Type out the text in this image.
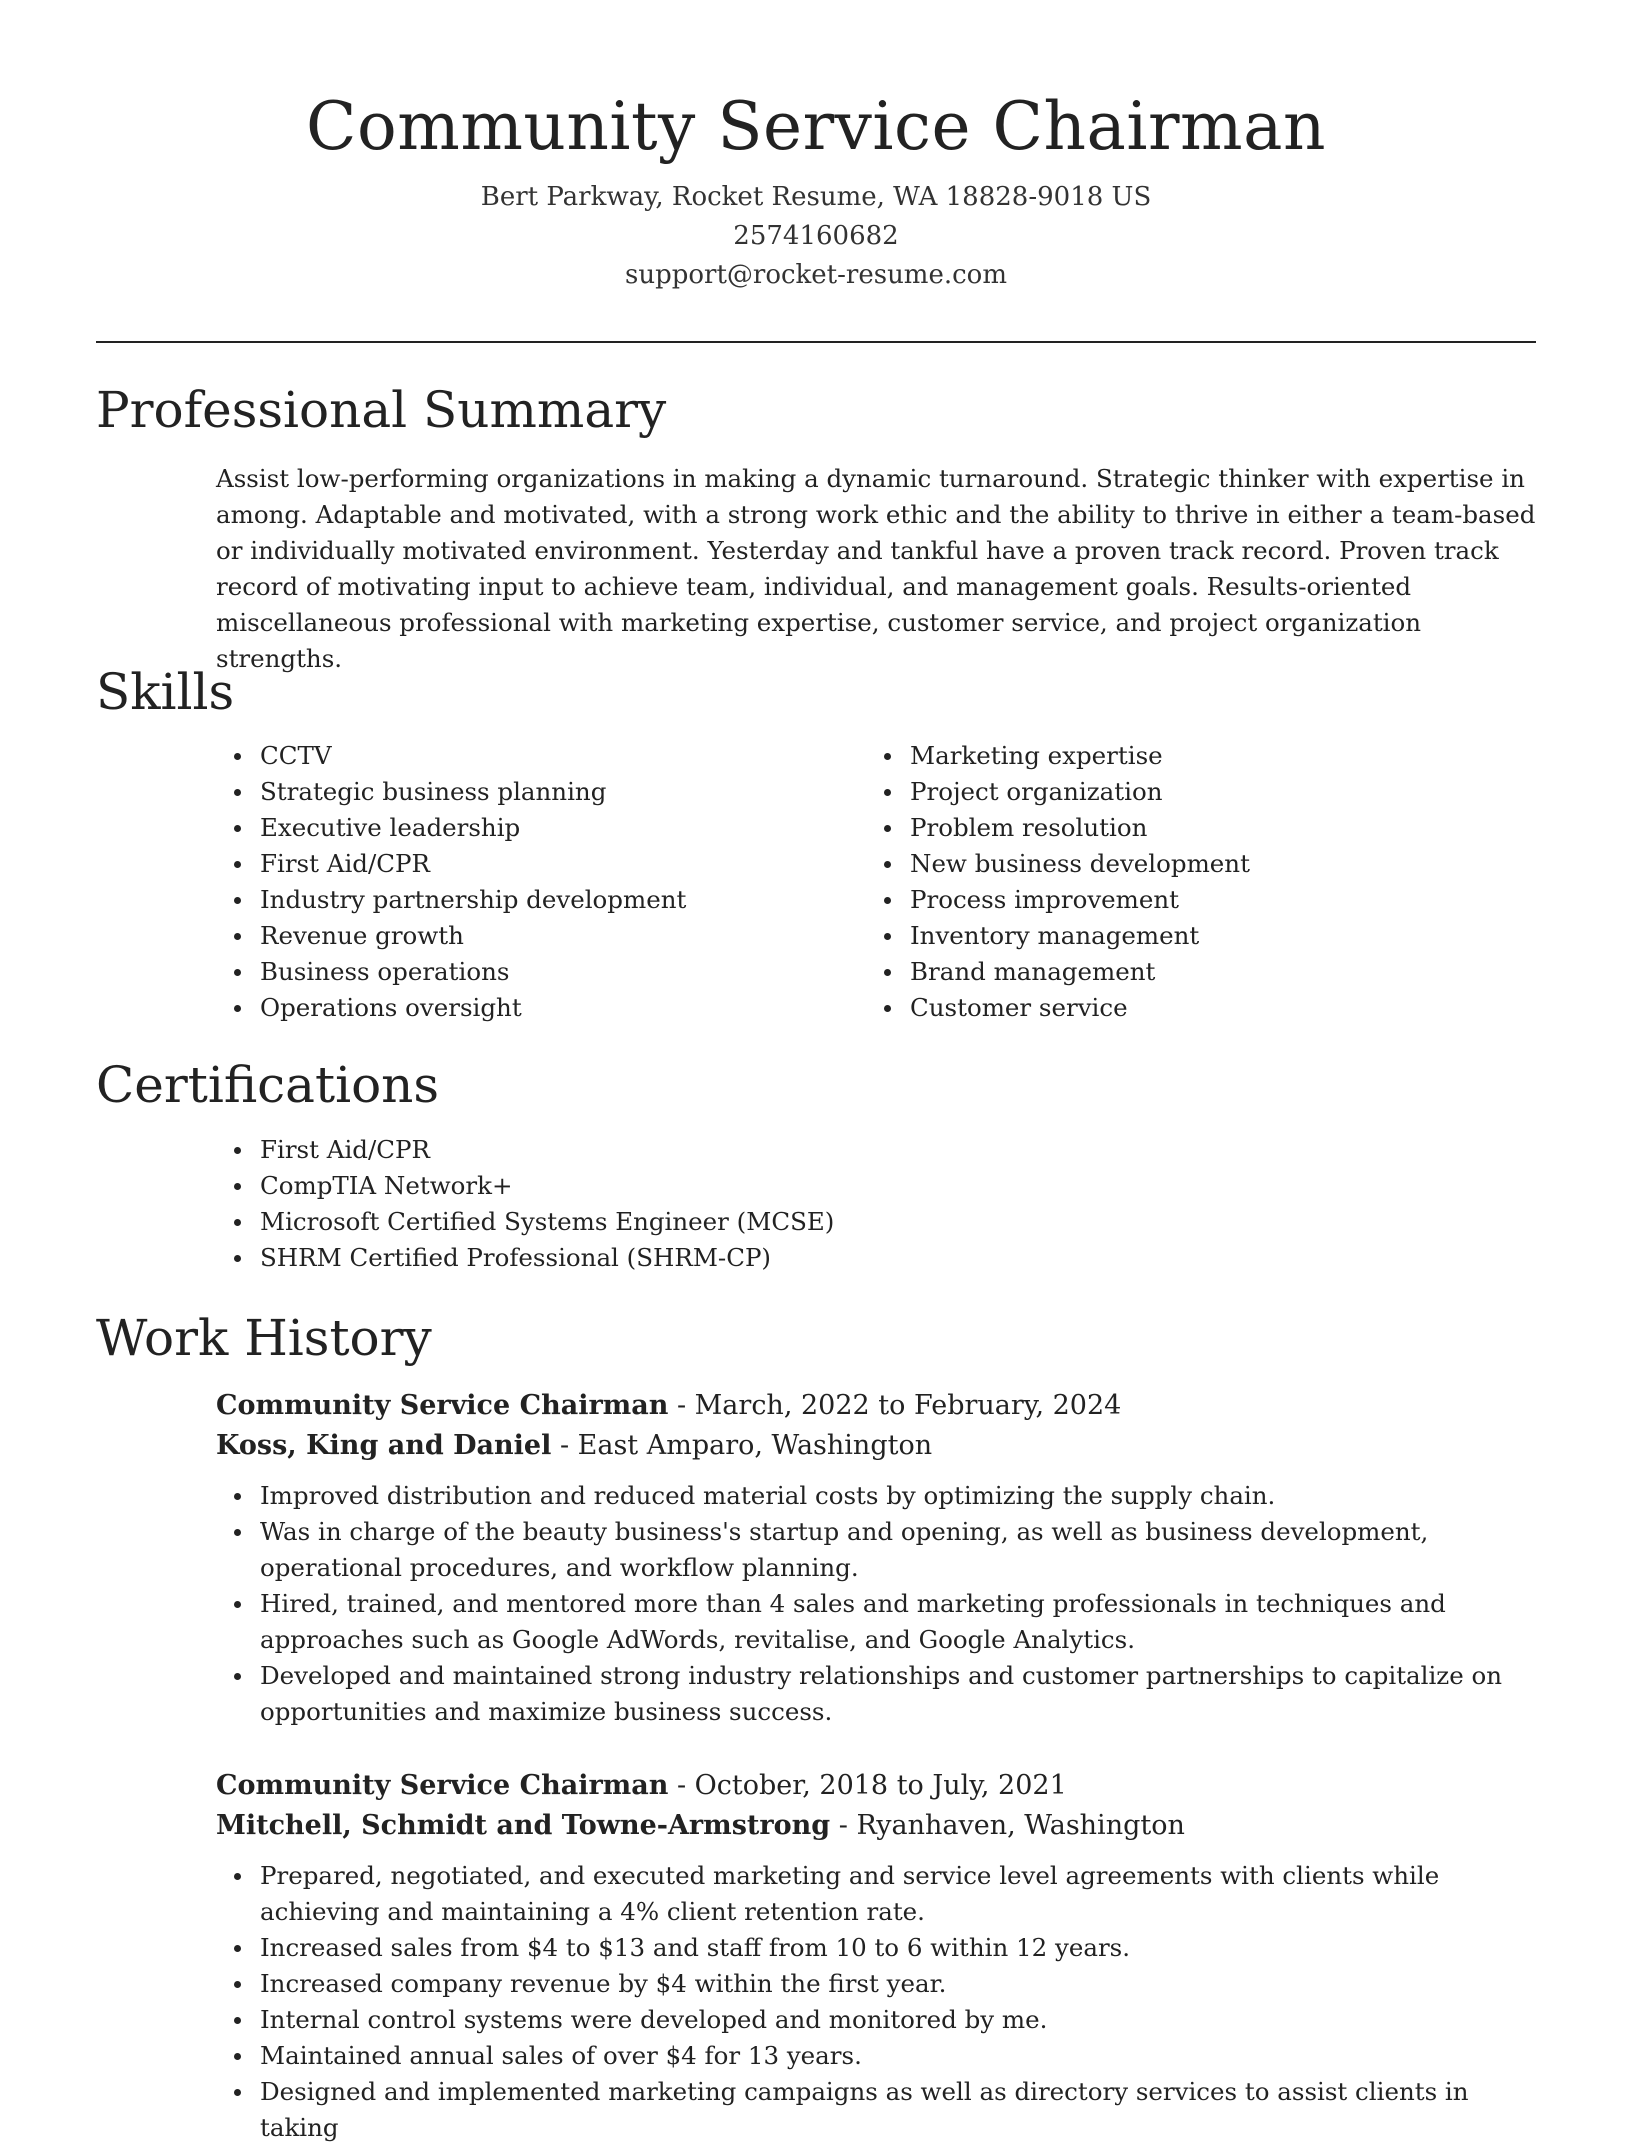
Community Service Chairman
Bert Parkway, Rocket Resume, WA 18828-9018 US
2574160682
support@rocket-resume.com
Professional Summary
Assist low-performing organizations in making a dynamic turnaround. Strategic thinker with expertise in among. Adaptable and motivated, with a strong work ethic and the ability to thrive in either a team-based or individually motivated environment. Yesterday and tankful have a proven track record. Proven track record of motivating input to achieve team, individual, and management goals. Results-oriented miscellaneous professional with marketing expertise, customer service, and project organization strengths.
Skills
CCTV
Strategic business planning
Executive leadership
First Aid/CPR
Industry partnership development
Revenue growth
Business operations
Operations oversight
Marketing expertise
Project organization
Problem resolution
New business development
Process improvement
Inventory management
Brand management
Customer service
Certifications
First Aid/CPR
CompTIA Network+
Microsoft Certified Systems Engineer (MCSE)
SHRM Certified Professional (SHRM-CP)
Work History
Community Service Chairman - March, 2022 to February, 2024
Koss, King and Daniel - East Amparo, Washington
Improved distribution and reduced material costs by optimizing the supply chain.
Was in charge of the beauty business's startup and opening, as well as business development, operational procedures, and workflow planning.
Hired, trained, and mentored more than 4 sales and marketing professionals in techniques and approaches such as Google AdWords, revitalise, and Google Analytics.
Developed and maintained strong industry relationships and customer partnerships to capitalize on opportunities and maximize business success.
Community Service Chairman - October, 2018 to July, 2021
Mitchell, Schmidt and Towne-Armstrong - Ryanhaven, Washington
Prepared, negotiated, and executed marketing and service level agreements with clients while achieving and maintaining a 4% client retention rate.
Increased sales from $4 to $13 and staff from 10 to 6 within 12 years.
Increased company revenue by $4 within the first year.
Internal control systems were developed and monitored by me.
Maintained annual sales of over $4 for 13 years.
Designed and implemented marketing campaigns as well as directory services to assist clients in taking
